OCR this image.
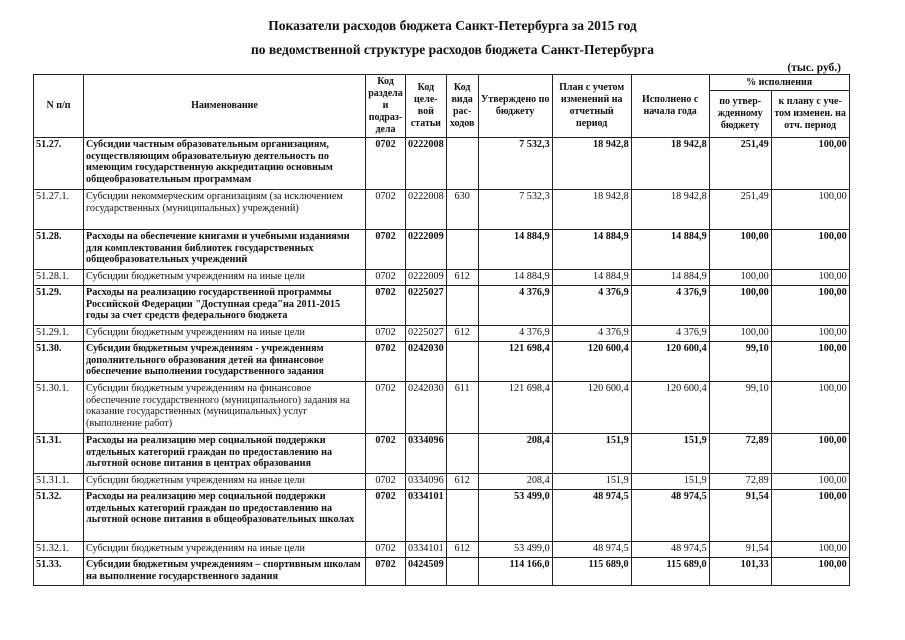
Показатели расходов бюджета Санкт-Петербурга за 2015 год
по ведомственной структуре расходов бюджета Санкт-Петербурга
(тыс. руб.)
N п/п	Наименование	Код раздела и подраз-дела	Код целе-вой статьи	Код вида рас-ходов	Утверждено по бюджету	План с учетом изменений на отчетный период	Исполнено с начала года	% исполнения	
								по утвер-жденному бюджету	к плану с уче-том изменен. на отч. период
51.27.	Субсидии частным образовательным организациям, осуществляющим образовательную деятельность по имеющим государственную аккредитацию основным общеобразовательным программам	0702	0222008		7 532,3	18 942,8	18 942,8	251,49	100,00
51.27.1.	Субсидии некоммерческим организациям (за исключением государственных (муниципальных) учреждений)	0702	0222008	630	7 532,3	18 942,8	18 942,8	251,49	100,00
51.28.	Расходы на обеспечение книгами и учебными изданиями для комплектования библиотек государственных общеобразовательных учреждений	0702	0222009		14 884,9	14 884,9	14 884,9	100,00	100,00
51.28.1.	Субсидии бюджетным учреждениям на иные цели	0702	0222009	612	14 884,9	14 884,9	14 884,9	100,00	100,00
51.29.	Расходы на реализацию государственной программы Российской Федерации "Доступная среда"на 2011-2015 годы за счет средств федерального бюджета	0702	0225027		4 376,9	4 376,9	4 376,9	100,00	100,00
51.29.1.	Субсидии бюджетным учреждениям на иные цели	0702	0225027	612	4 376,9	4 376,9	4 376,9	100,00	100,00
51.30.	Субсидии бюджетным учреждениям - учреждениям дополнительного образования детей на финансовое обеспечение выполнения государственного задания	0702	0242030		121 698,4	120 600,4	120 600,4	99,10	100,00
51.30.1.	Субсидии бюджетным учреждениям на финансовое обеспечение государственного (муниципального) задания на оказание государственных (муниципальных) услуг (выполнение работ)	0702	0242030	611	121 698,4	120 600,4	120 600,4	99,10	100,00
51.31.	Расходы на реализацию мер социальной поддержки отдельных категорий граждан по предоставлению на льготной основе питания в центрах образования	0702	0334096		208,4	151,9	151,9	72,89	100,00
51.31.1.	Субсидии бюджетным учреждениям на иные цели	0702	0334096	612	208,4	151,9	151,9	72,89	100,00
51.32.	Расходы на реализацию мер социальной поддержки отдельных категорий граждан по предоставлению на льготной основе питания в общеобразовательных школах	0702	0334101		53 499,0	48 974,5	48 974,5	91,54	100,00
51.32.1.	Субсидии бюджетным учреждениям на иные цели	0702	0334101	612	53 499,0	48 974,5	48 974,5	91,54	100,00
51.33.	Субсидии бюджетным учреждениям – спортивным школам на выполнение государственного задания	0702	0424509		114 166,0	115 689,0	115 689,0	101,33	100,00
